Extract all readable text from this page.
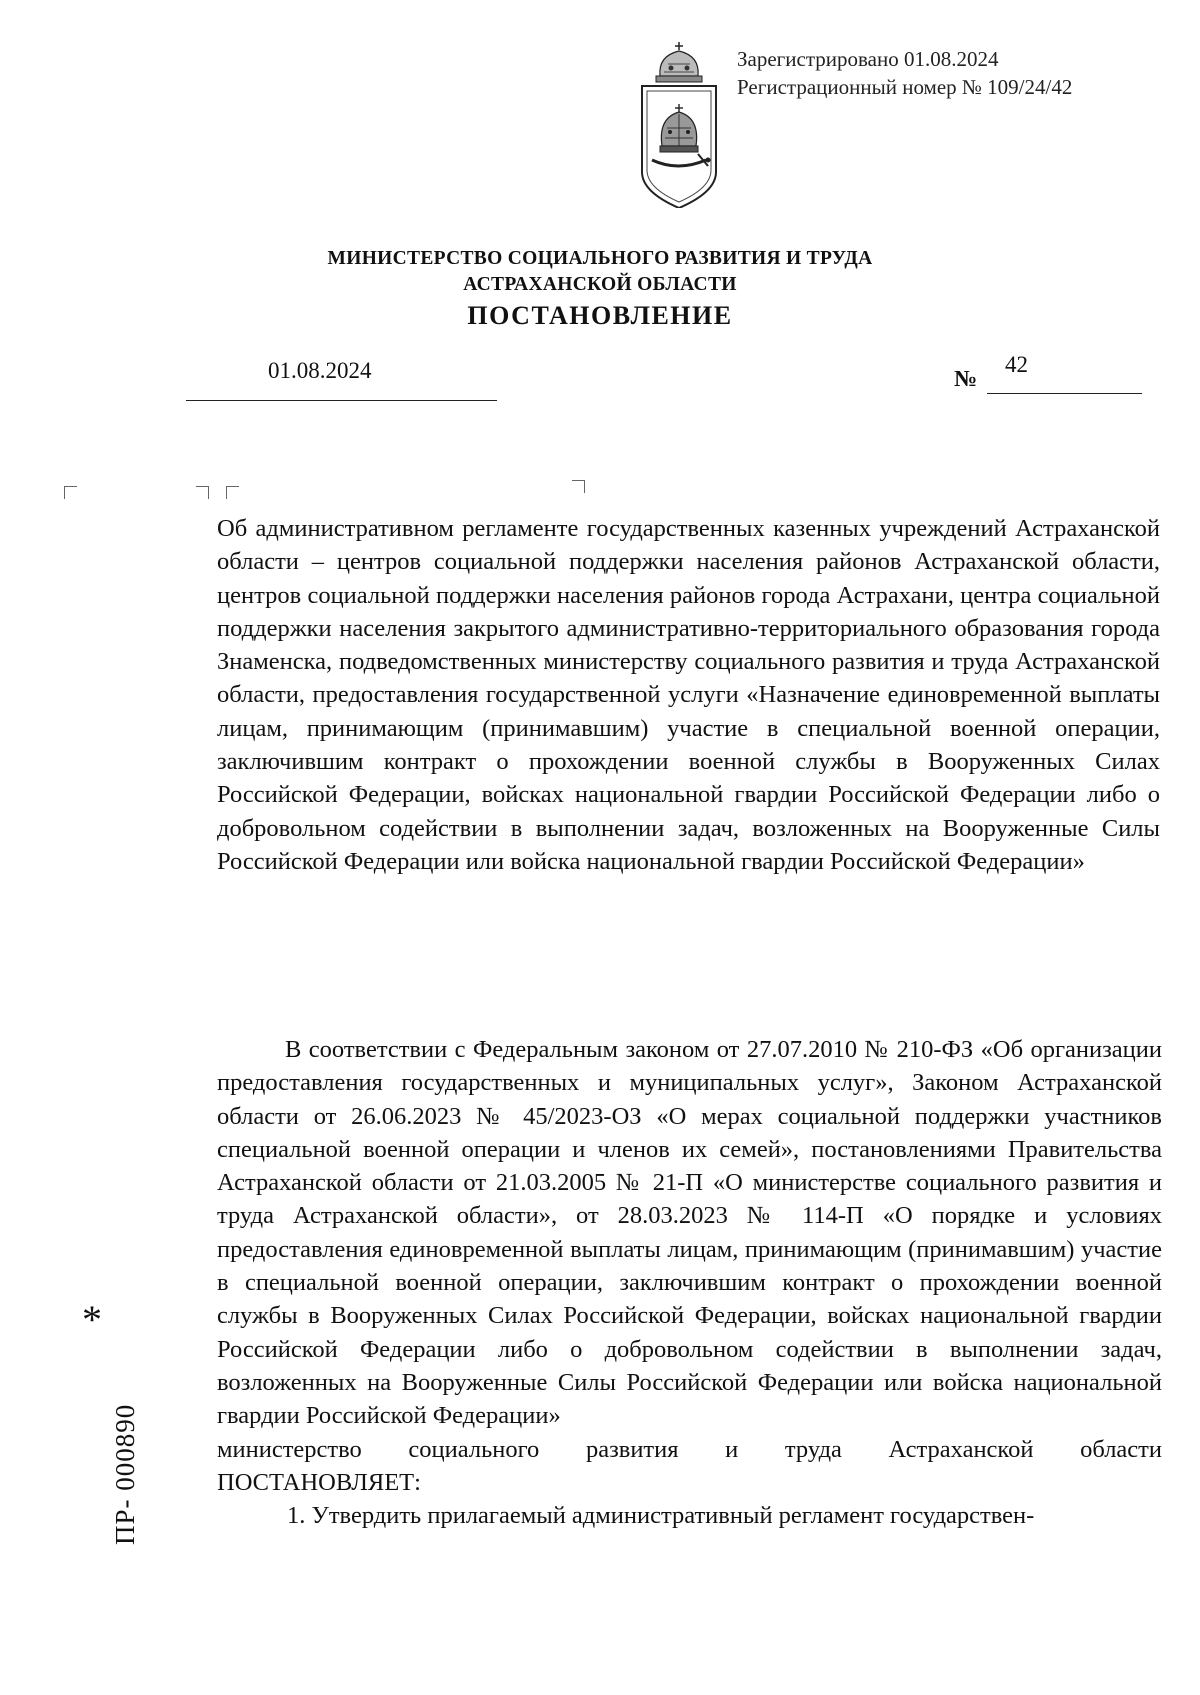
Зарегистрировано 01.08.2024
Регистрационный номер № 109/24/42
МИНИСТЕРСТВО СОЦИАЛЬНОГО РАЗВИТИЯ И ТРУДА
АСТРАХАНСКОЙ ОБЛАСТИ
ПОСТАНОВЛЕНИЕ
01.08.2024	№
42

Об административном регламенте государственных казенных учреждений Астраханской области – центров социальной поддержки населения районов Астраханской области, центров социальной поддержки населения районов города Астрахани, центра социальной поддержки населения закрытого административно-территориального образования города Знаменска, подведомственных министерству социального развития и труда Астраханской области, предоставления государственной услуги «Назначение единовременной выплаты лицам, принимающим (принимавшим) участие в специальной военной операции, заключившим контракт о прохождении военной службы в Вооруженных Силах Российской Федерации, войсках национальной гвардии Российской Федерации либо о добровольном содействии в выполнении задач, возложенных на Вооруженные Силы Российской Федерации или войска национальной гвардии Российской Федерации»

В соответствии с Федеральным законом от 27.07.2010 № 210-ФЗ «Об организации предоставления государственных и муниципальных услуг», Законом Астраханской области от 26.06.2023 № 45/2023-ОЗ «О мерах социальной поддержки участников специальной военной операции и членов их семей», постановлениями Правительства Астраханской области от 21.03.2005 № 21-П «О министерстве социального развития и труда Астраханской области», от 28.03.2023 № 114-П «О порядке и условиях предоставления единовременной выплаты лицам, принимающим (принимавшим) участие в специальной военной операции, заключившим контракт о прохождении военной службы в Вооруженных Силах Российской Федерации, войсках национальной гвардии Российской Федерации либо о добровольном содействии в выполнении задач, возложенных на Вооруженные Силы Российской Федерации или войска национальной гвардии Российской Федерации»

министерство социального развития и труда Астраханской области

ПОСТАНОВЛЯЕТ:

1. Утвердить прилагаемый административный регламент государствен-

*
ПР- 000890
